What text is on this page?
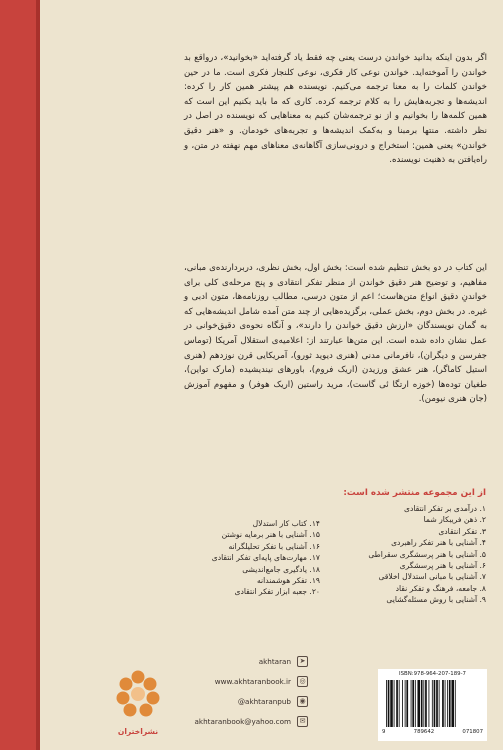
اگر بدون اینکه بدانید خواندن درست یعنی چه فقط یاد گرفته‌اید «بخوانید»، درواقع بد خواندن را آموخته‌اید. خواندن نوعی کار فکری، نوعی کلنجار فکری است. ما در حین خواندن کلمات را به معنا ترجمه می‌کنیم. نویسنده هم پیشتر همین کار را کرده: اندیشه‌ها و تجربه‌هایش را به کلام ترجمه کرده. کاری که ما باید بکنیم این است که همین کلمه‌ها را بخوانیم و از نو ترجمه‌شان کنیم به معناهایی که نویسنده در اصل در نظر داشته. منتها برمبنا و به‌کمک اندیشه‌ها و تجربه‌های خودمان. و «هنر دقیق خواندن» یعنی همین: استخراج و درونی‌سازی آگاهانه‌ی معناهای مهم نهفته در متن، و راه‌یافتن به ذهنیت نویسنده.

این کتاب در دو بخش تنظیم شده است: بخش اول، بخش نظری، دربردارنده‌ی مبانی، مفاهیم، و توضیح هنر دقیق خواندن از منظر تفکر انتقادی و پنج مرحله‌ی کلی برای خواندنِ دقیق انواع متن‌هاست؛ اعم از متون درسی، مطالب روزنامه‌ها، متون ادبی و غیره. در بخش دوم، بخش عملی، برگزیده‌هایی از چند متن آمده شامل اندیشه‌هایی که به گمان نویسندگان «ارزش دقیق خواندن را دارند»، و آنگاه نحوه‌ی دقیق‌خوانی در عمل نشان داده شده است. این متن‌ها عبارتند از: اعلامیه‌ی استقلال آمریکا (توماس جفرسن و دیگران)، نافرمانی مدنی (هنری دیوید ثورو)، آمریکایی قرن نوزدهم (هنری استیل کاماگر)، هنر عشق ورزیدن (اریک فروم)، باورهای نیندیشیده (مارک تواین)، طغیان توده‌ها (خوزه ارتگا ئی گاست)، مرید راستین (اریک هوفر) و مفهوم آموزش (جان هنری نیومن).

از این مجموعه منتشر شده است:
۱. درآمدی بر تفکر انتقادی
۲. ذهن فریبکار شما
۳. تفکر انتقادی
۴. آشنایی با هنر تفکر راهبردی
۵. آشنایی با هنر پرسشگری سقراطی
۶. آشنایی با هنر پرسشگری
۷. آشنایی با مبانی استدلال اخلاقی
۸. جامعه، فرهنگ و تفکر نقاد
۹. آشنایی با روش مسئله‌گشایی
۱۴. کتاب کار استدلال
۱۵. آشنایی با هنر برمایه نوشتن
۱۶. آشنایی با تفکر تحلیلگرانه
۱۷. مهارت‌های پایه‌ای تفکر انتقادی
۱۸. یادگیری جامع‌اندیشی
۱۹. تفکر هوشمندانه
۲۰. جعبه ابزار تفکر انتقادی
akhtaran	➤
www.akhtaranbook.ir	◎
@akhtaranpub	◉
akhtaranbook@yahoo.com	✉
نشراختران
ISBN:978-964-207-189-7
9	789642	071807
